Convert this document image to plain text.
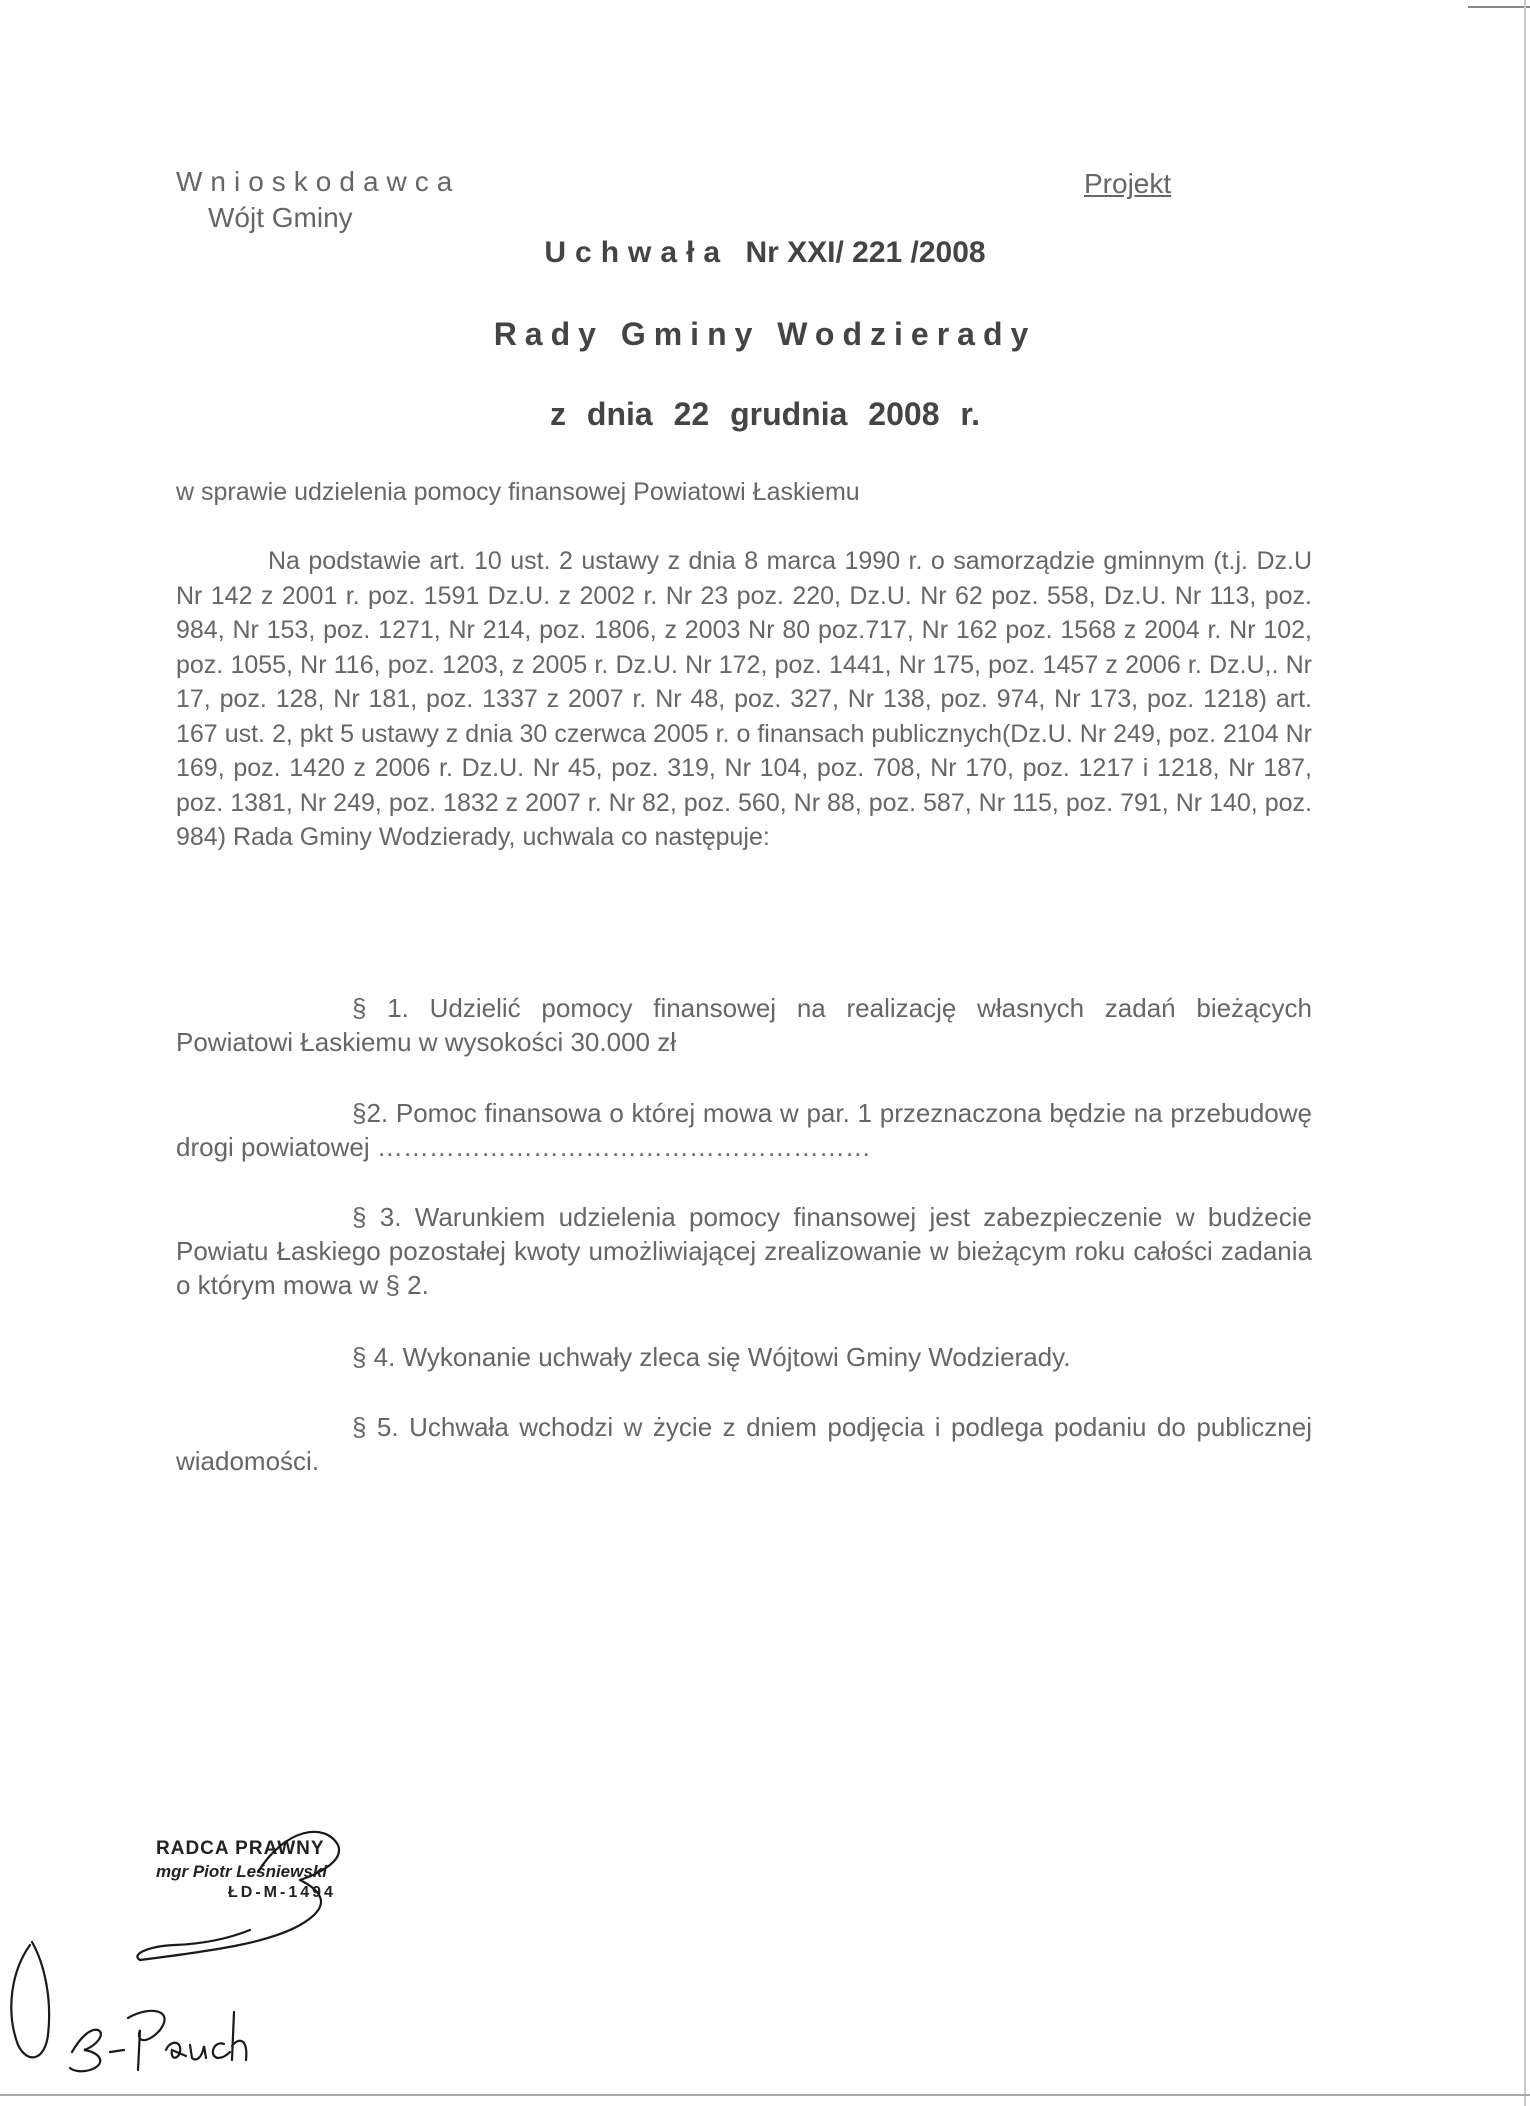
Wnioskodawca
Wójt Gminy
Projekt
Uchwała Nr XXI/ 221 /2008
Rady Gminy Wodzierady
z dnia 22 grudnia 2008 r.
w sprawie udzielenia pomocy finansowej Powiatowi Łaskiemu
Na podstawie art. 10 ust. 2 ustawy z dnia 8 marca 1990 r. o samorządzie gminnym (t.j. Dz.U Nr 142 z 2001 r. poz. 1591 Dz.U. z 2002 r. Nr 23 poz. 220, Dz.U. Nr 62 poz. 558, Dz.U. Nr 113, poz. 984, Nr 153, poz. 1271, Nr 214, poz. 1806, z 2003 Nr 80 poz.717, Nr 162 poz. 1568 z 2004 r. Nr 102, poz. 1055, Nr 116, poz. 1203, z 2005 r. Dz.U. Nr 172, poz. 1441, Nr 175, poz. 1457 z 2006 r. Dz.U,. Nr 17, poz. 128, Nr 181, poz. 1337 z 2007 r. Nr 48, poz. 327, Nr 138, poz. 974, Nr 173, poz. 1218) art. 167 ust. 2, pkt 5 ustawy z dnia 30 czerwca 2005 r. o finansach publicznych(Dz.U. Nr 249, poz. 2104 Nr 169, poz. 1420 z 2006 r. Dz.U. Nr 45, poz. 319, Nr 104, poz. 708, Nr 170, poz. 1217 i 1218, Nr 187, poz. 1381, Nr 249, poz. 1832 z 2007 r. Nr 82, poz. 560, Nr 88, poz. 587, Nr 115, poz. 791, Nr 140, poz. 984) Rada Gminy Wodzierady, uchwala co następuje:
§ 1. Udzielić pomocy finansowej na realizację własnych zadań bieżących Powiatowi Łaskiemu w wysokości 30.000 zł
§2. Pomoc finansowa o której mowa w par. 1 przeznaczona będzie na przebudowę drogi powiatowej …………………………………………………
§ 3. Warunkiem udzielenia pomocy finansowej jest zabezpieczenie w budżecie Powiatu Łaskiego pozostałej kwoty umożliwiającej zrealizowanie w bieżącym roku całości zadania o którym mowa w § 2.
§ 4. Wykonanie uchwały zleca się Wójtowi Gminy Wodzierady.
§ 5. Uchwała wchodzi w życie z dniem podjęcia i podlega podaniu do publicznej wiadomości.
RADCA PRAWNY
mgr Piotr Leśniewski
ŁD-M-1494
